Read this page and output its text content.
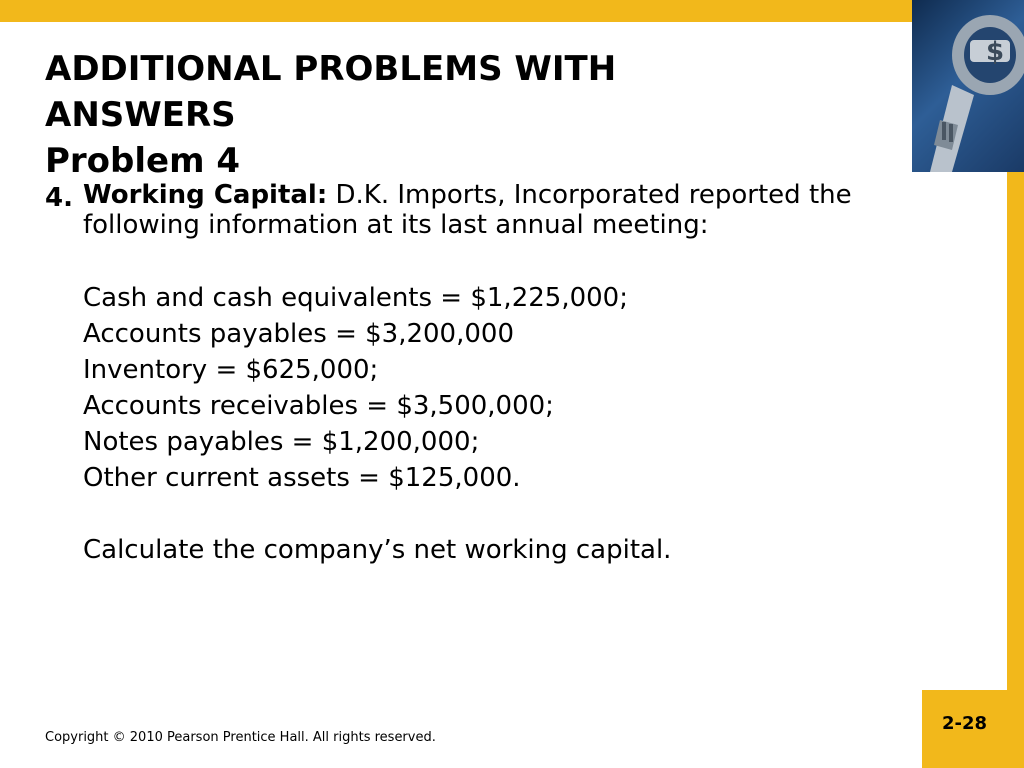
$
ADDITIONAL PROBLEMS WITH
ANSWERS
Problem 4
4. Working Capital: D.K. Imports, Incorporated reported the following information at its last annual meeting:
Cash and cash equivalents = $1,225,000;
Accounts payables = $3,200,000
Inventory = $625,000;
Accounts receivables = $3,500,000;
Notes payables = $1,200,000;
Other current assets = $125,000.
Calculate the company’s net working capital.
Copyright © 2010 Pearson Prentice Hall. All rights reserved.
2-28
